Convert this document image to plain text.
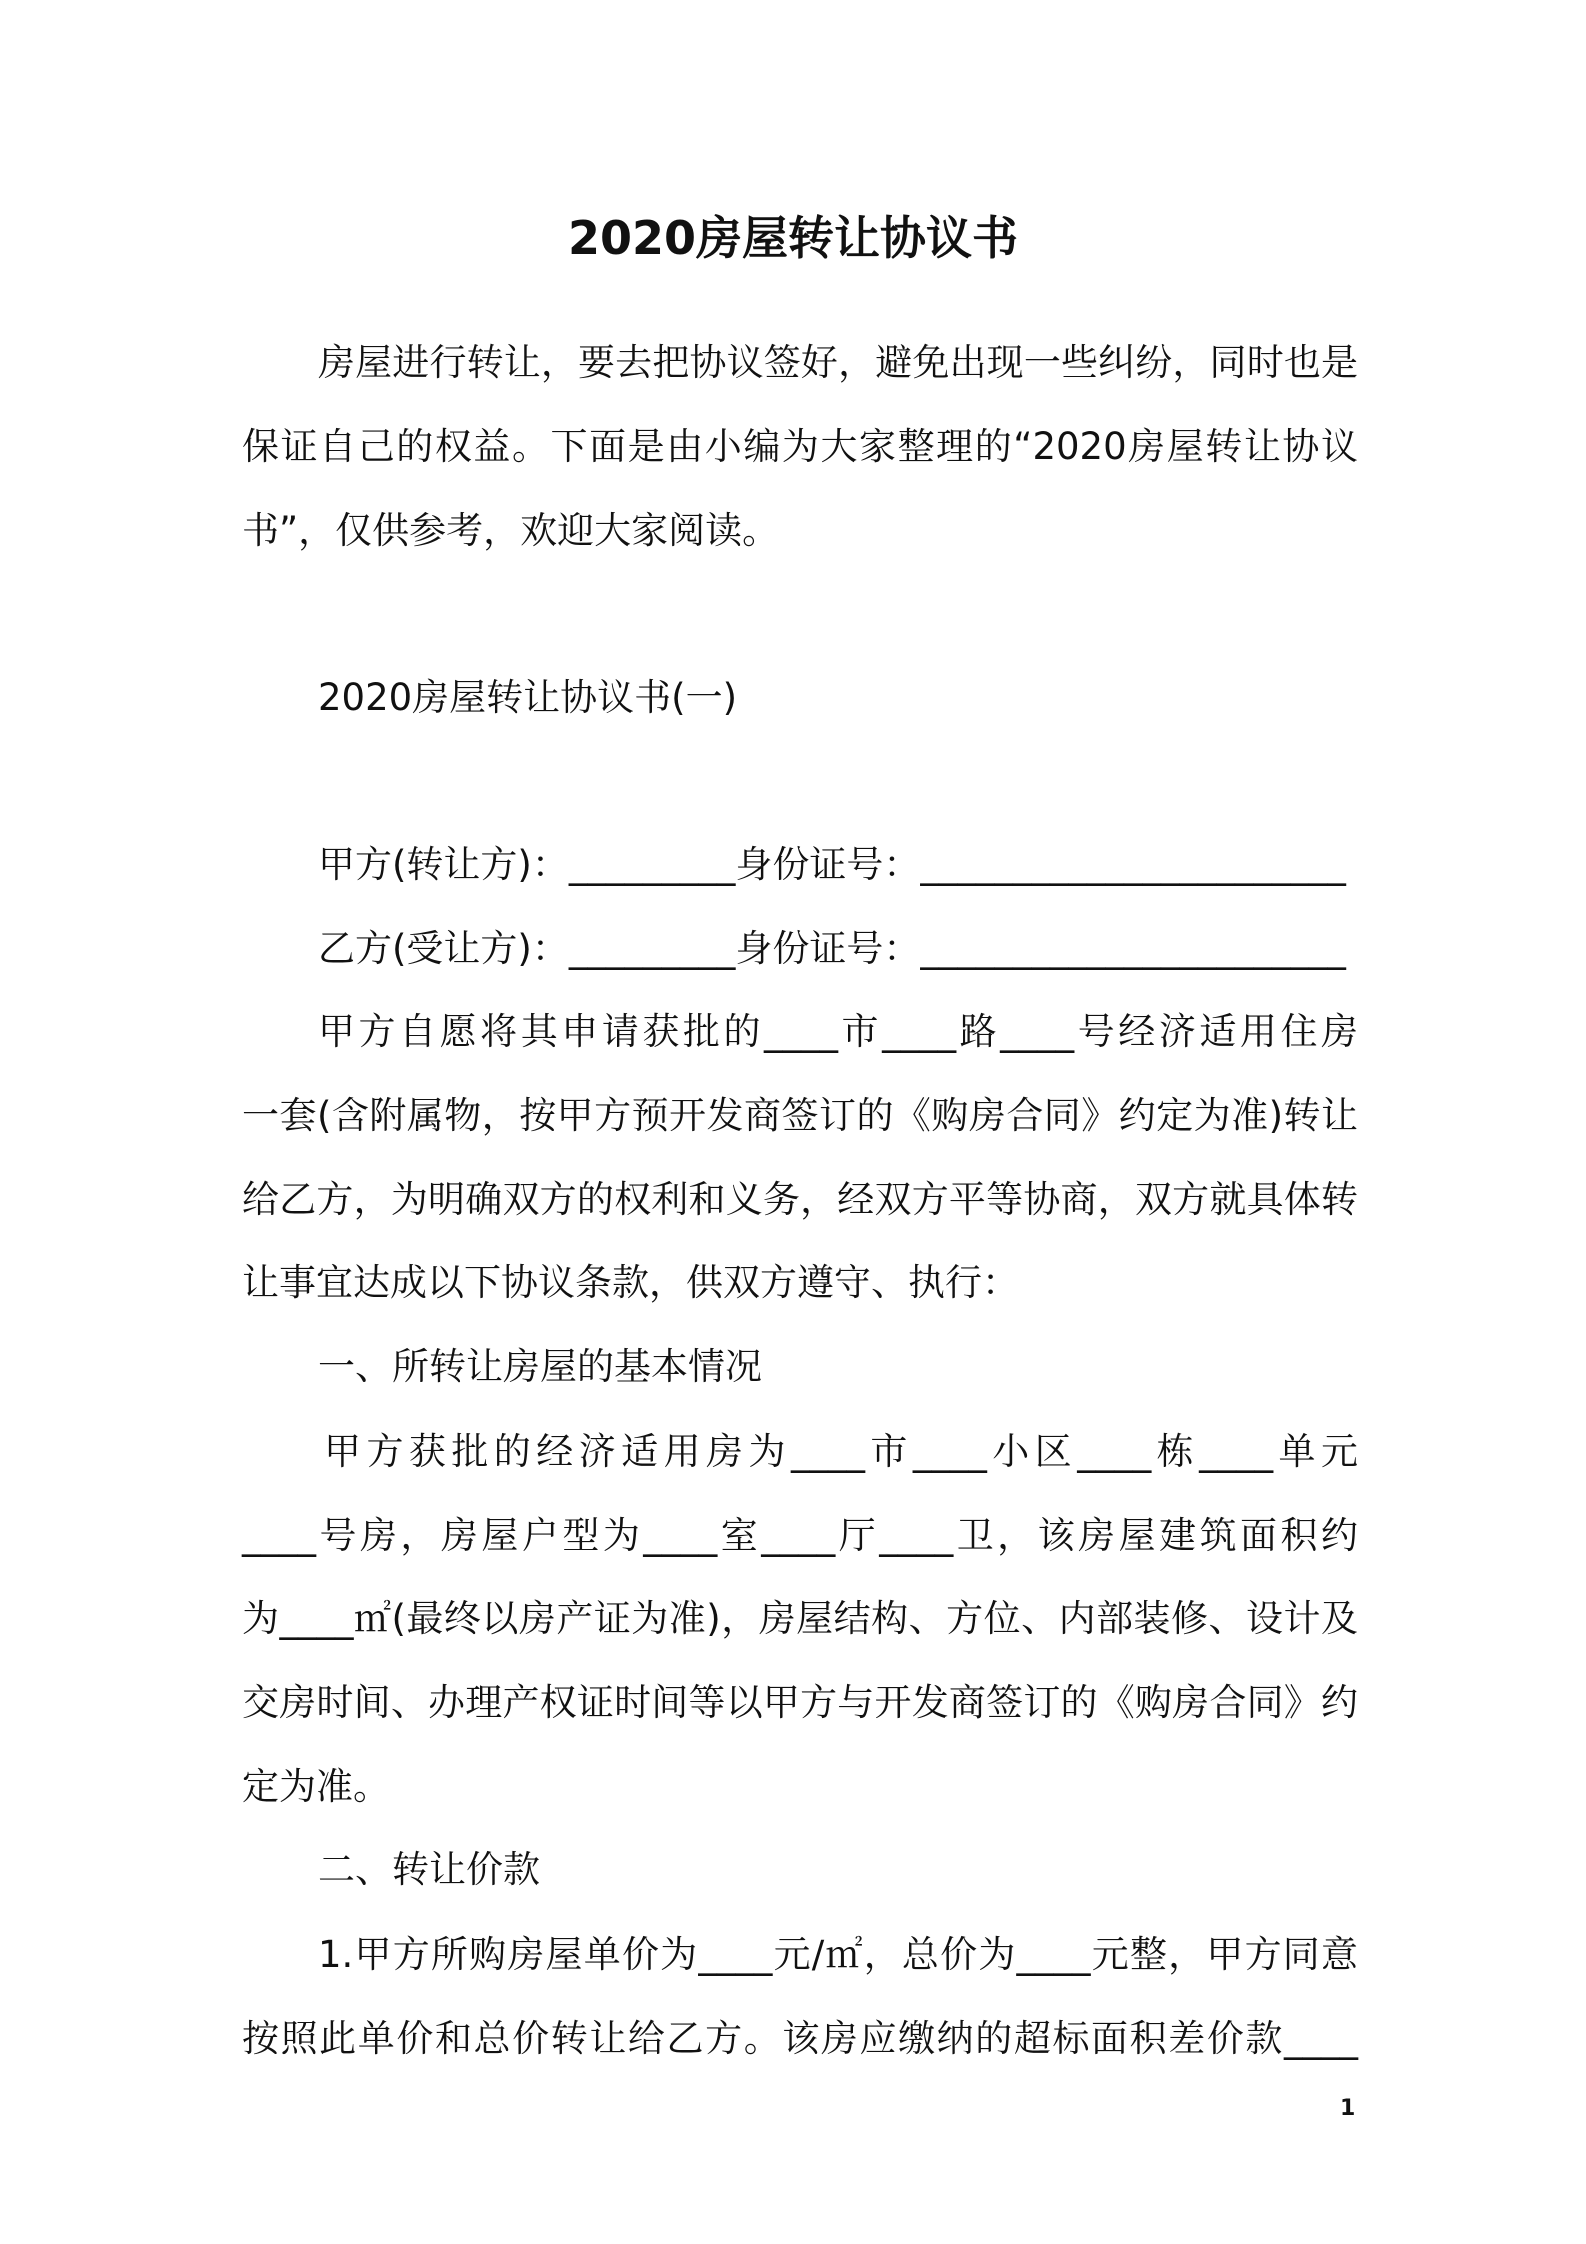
2020房屋转让协议书
房屋进行转让，要去把协议签好，避免出现一些纠纷，同时也是
保证自己的权益。下面是由小编为大家整理的“2020房屋转让协议
书”，仅供参考，欢迎大家阅读。
2020房屋转让协议书(一)
甲方(转让方)：_________身份证号：_______________________
乙方(受让方)：_________身份证号：_______________________
甲方自愿将其申请获批的____市____路____号经济适用住房
一套(含附属物，按甲方预开发商签订的《购房合同》约定为准)转让
给乙方，为明确双方的权利和义务，经双方平等协商，双方就具体转
让事宜达成以下协议条款，供双方遵守、执行：
一、所转让房屋的基本情况
甲方获批的经济适用房为____市____小区____栋____单元
____号房，房屋户型为____室____厅____卫，该房屋建筑面积约
为____㎡(最终以房产证为准)，房屋结构、方位、内部装修、设计及
交房时间、办理产权证时间等以甲方与开发商签订的《购房合同》约
定为准。
二、转让价款
1.甲方所购房屋单价为____元/㎡，总价为____元整，甲方同意
按照此单价和总价转让给乙方。该房应缴纳的超标面积差价款____
1
